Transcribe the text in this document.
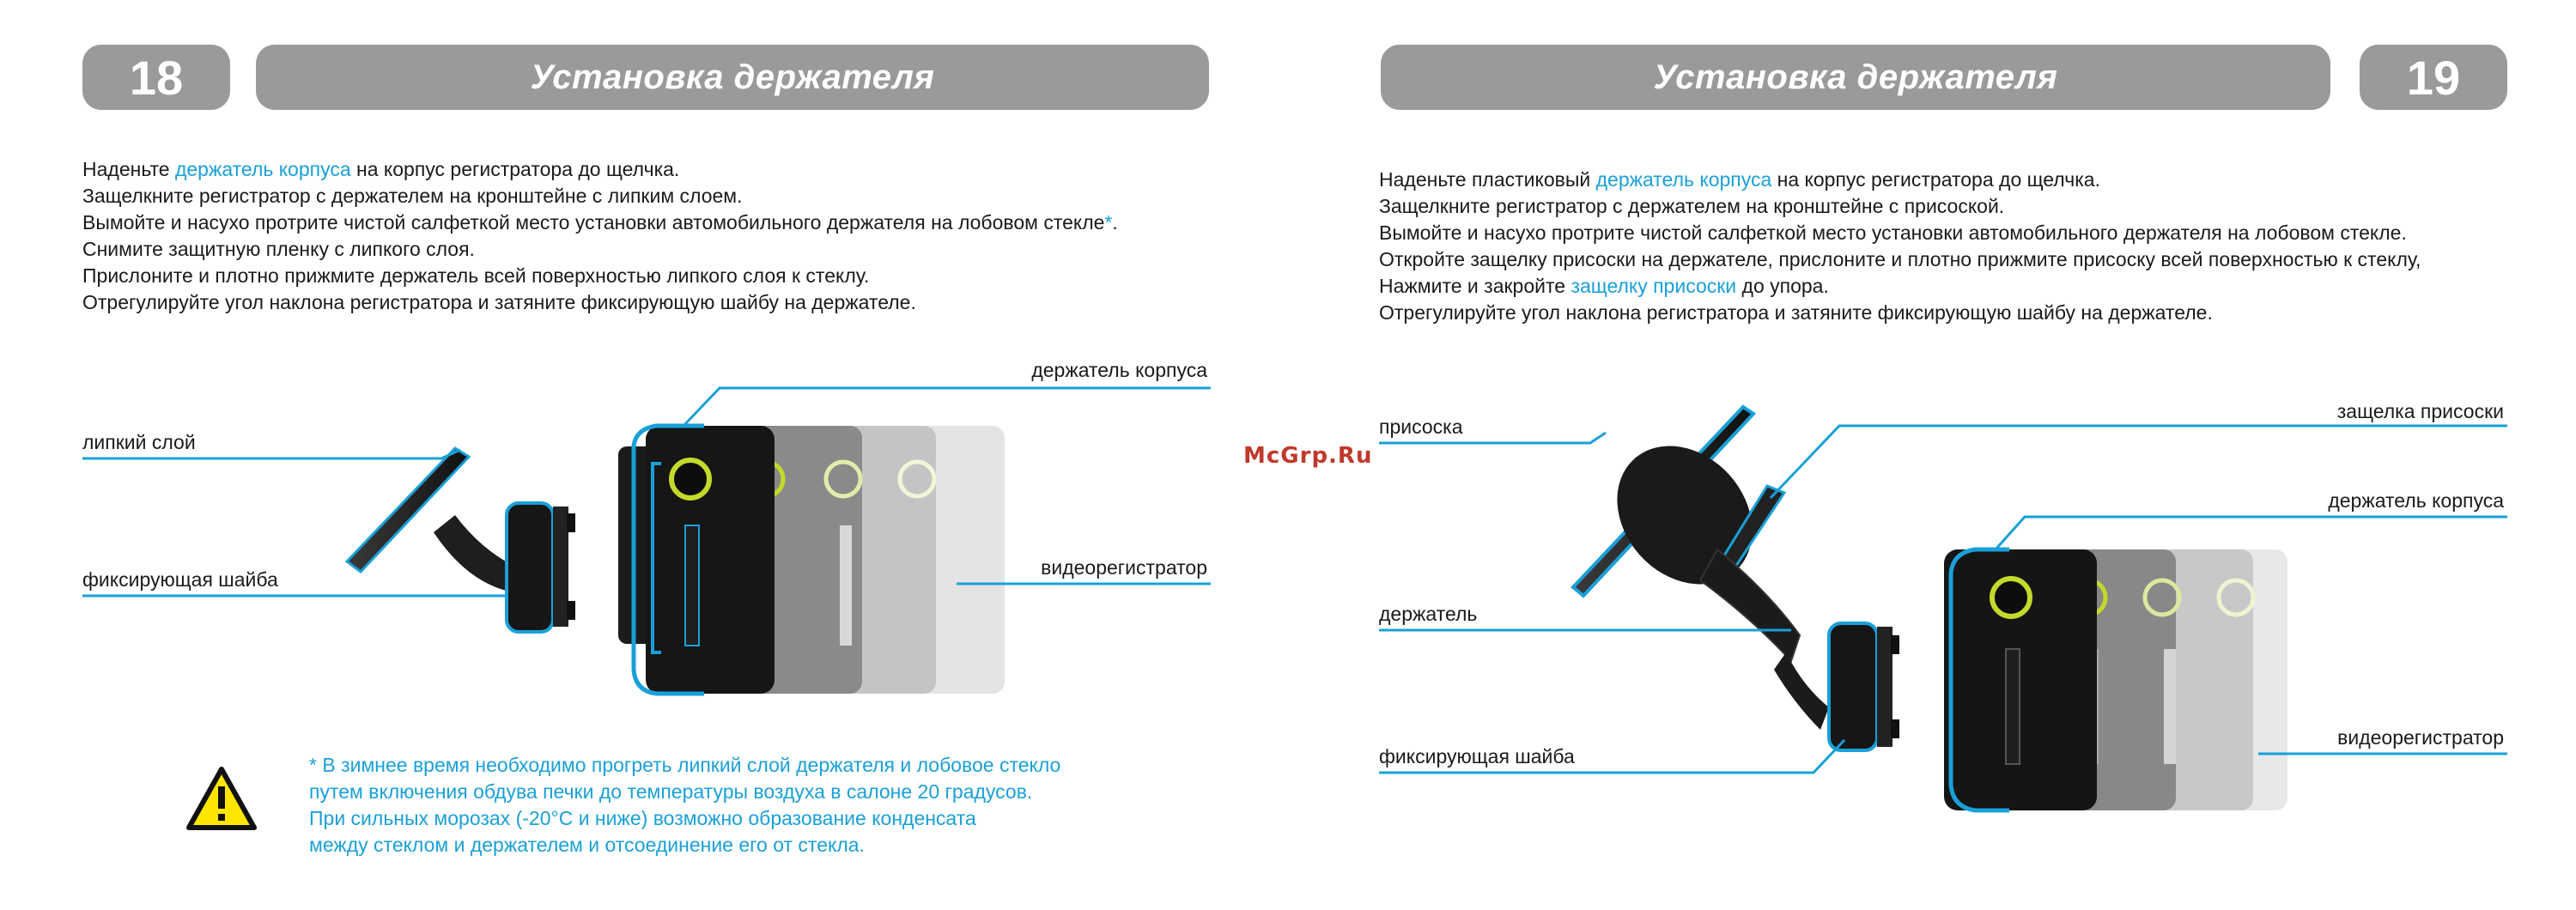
18	Установка держателя	Установка держателя	19
Наденьте держатель корпуса на корпус регистратора до щелчка.
Защелкните регистратор с держателем на кронштейне с липким слоем.
Вымойте и насухо протрите чистой салфеткой место установки автомобильного держателя на лобовом стекле*.
Снимите защитную пленку с липкого слоя.
Прислоните и плотно прижмите держатель всей поверхностью липкого слоя к стеклу.
Отрегулируйте угол наклона регистратора и затяните фиксирующую шайбу на держателе.
Наденьте пластиковый держатель корпуса на корпус регистратора до щелчка.
Защелкните регистратор с держателем на кронштейне с присоской.
Вымойте и насухо протрите чистой салфеткой место установки автомобильного держателя на лобовом стекле.
Откройте защелку присоски на держателе, прислоните и плотно прижмите присоску всей поверхностью к стеклу,
Нажмите и закройте защелку присоски до упора.
Отрегулируйте угол наклона регистратора и затяните фиксирующую шайбу на держателе.
держатель корпуса
липкий слой
фиксирующая шайба
видеорегистратор
присоска
защелка присоски
держатель корпуса
держатель
фиксирующая шайба
видеорегистратор
* В зимнее время необходимо прогреть липкий слой держателя и лобовое стекло
путем включения обдува печки до температуры воздуха в салоне 20 градусов.
При сильных морозах (-20°C и ниже) возможно образование конденсата
между стеклом и держателем и отсоединение его от стекла.
McGrp.Ru
